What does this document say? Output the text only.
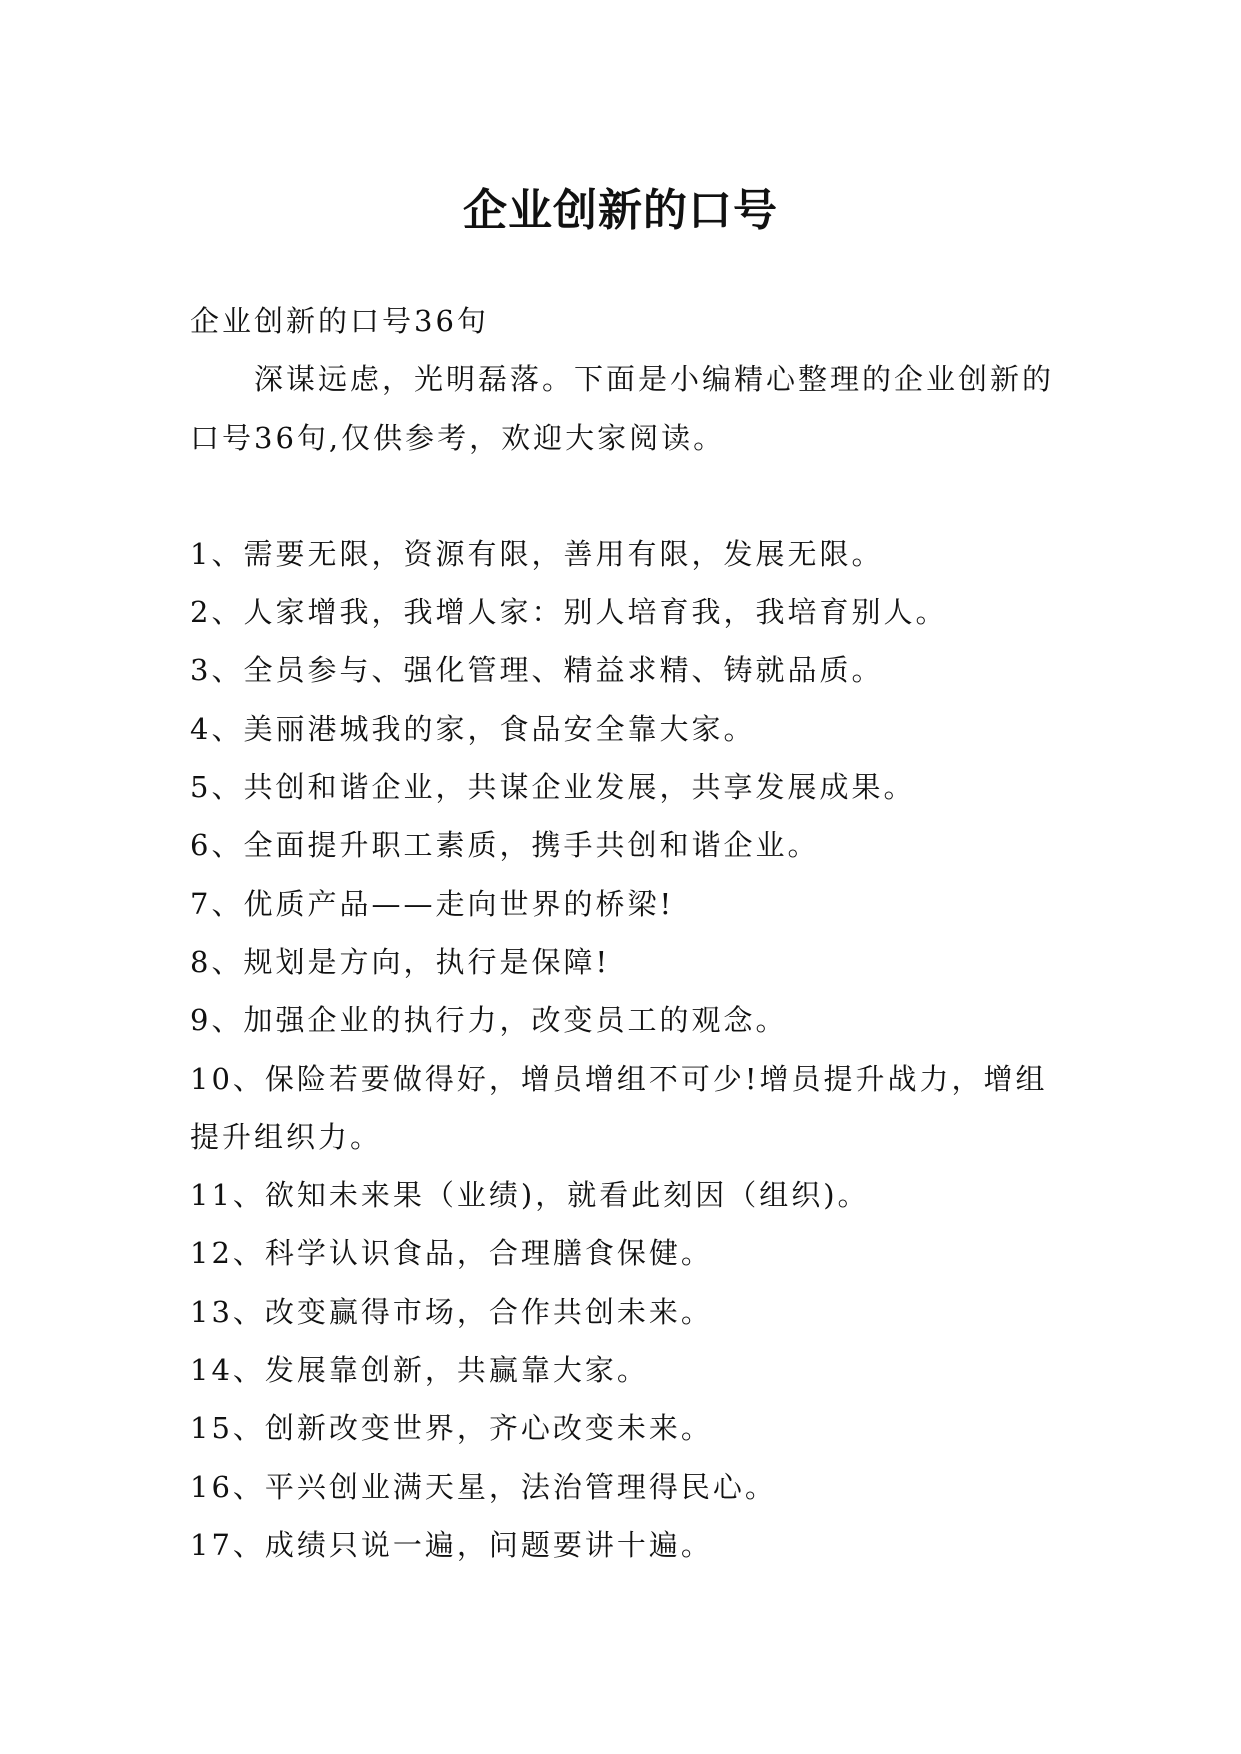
企业创新的口号

企业创新的口号36句

深谋远虑，光明磊落。下面是小编精心整理的企业创新的口号36句,仅供参考，欢迎大家阅读。

1、需要无限，资源有限，善用有限，发展无限。
2、人家增我，我增人家：别人培育我，我培育别人。
3、全员参与、强化管理、精益求精、铸就品质。
4、美丽港城我的家，食品安全靠大家。
5、共创和谐企业，共谋企业发展，共享发展成果。
6、全面提升职工素质，携手共创和谐企业。
7、优质产品——走向世界的桥梁!
8、规划是方向，执行是保障!
9、加强企业的执行力，改变员工的观念。
10、保险若要做得好，增员增组不可少!增员提升战力，增组提升组织力。
11、欲知未来果（业绩)，就看此刻因（组织)。
12、科学认识食品，合理膳食保健。
13、改变赢得市场，合作共创未来。
14、发展靠创新，共赢靠大家。
15、创新改变世界，齐心改变未来。
16、平兴创业满天星，法治管理得民心。
17、成绩只说一遍，问题要讲十遍。
